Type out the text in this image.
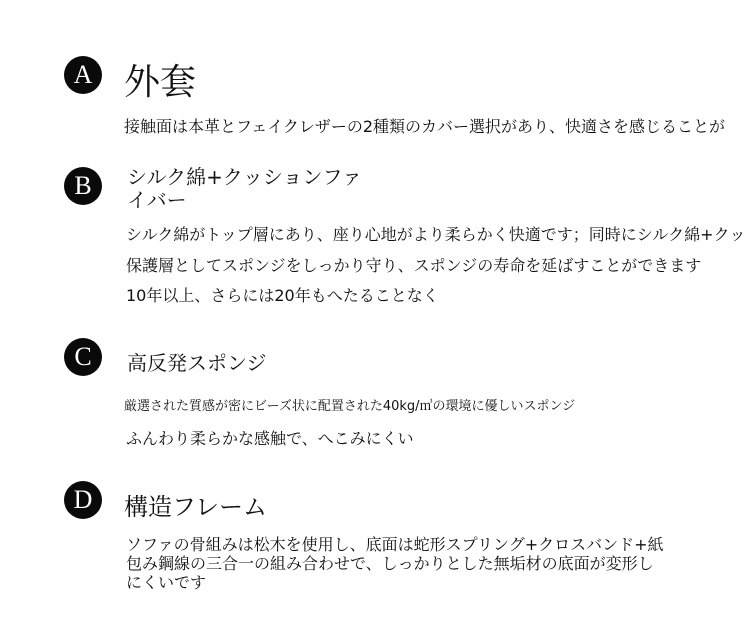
A 外套
接触面は本革とフェイクレザーの2種類のカバー選択があり、快適さを感じることが
B	シルク綿+クッションファイバー
シルク綿がトップ層にあり、座り心地がより柔らかく快適です；同時にシルク綿+クッ
保護層としてスポンジをしっかり守り、スポンジの寿命を延ばすことができます
10年以上、さらには20年もへたることなく
C	高反発スポンジ
厳選された質感が密にビーズ状に配置された40kg/㎥の環境に優しいスポンジ
ふんわり柔らかな感触で、へこみにくい
D	構造フレーム
ソファの骨組みは松木を使用し、底面は蛇形スプリング+クロスバンド+紙包み鋼線の三合一の組み合わせで、しっかりとした無垢材の底面が変形しにくいです
